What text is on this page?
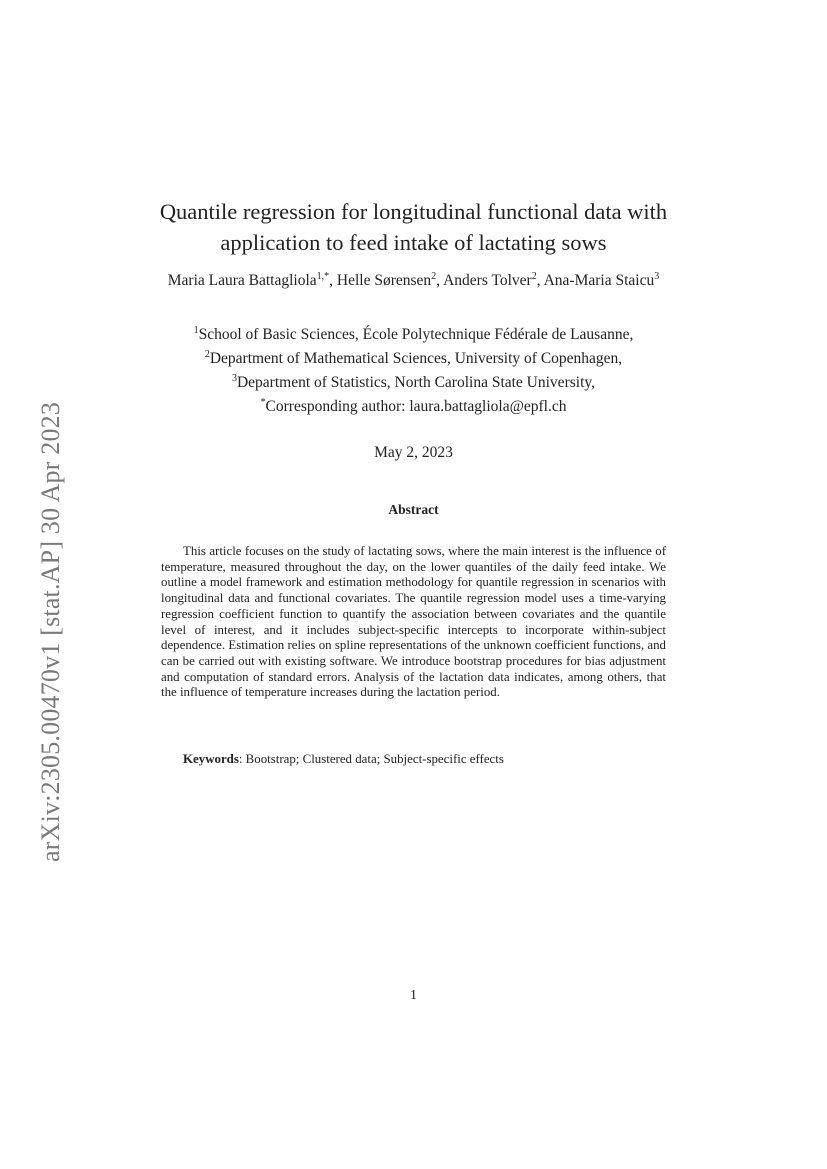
arXiv:2305.00470v1 [stat.AP] 30 Apr 2023
Quantile regression for longitudinal functional data with
application to feed intake of lactating sows
Maria Laura Battagliola$^{1,*}$, Helle Sørensen$^2$, Anders Tolver$^2$, Ana-Maria Staicu$^3$
$^1$School of Basic Sciences, École Polytechnique Fédérale de Lausanne,
$^2$Department of Mathematical Sciences, University of Copenhagen,
$^3$Department of Statistics, North Carolina State University,
*Corresponding author: laura.battagliola@epfl.ch
May 2, 2023
Abstract
This article focuses on the study of lactating sows, where the main interest is the influence of temperature, measured throughout the day, on the lower quantiles of the daily feed intake. We outline a model framework and estimation methodology for quantile regression in scenarios with longitudinal data and functional covariates. The quantile regression model uses a time-varying regression coefficient function to quantify the association between covariates and the quantile level of interest, and it includes subject-specific intercepts to incorporate within-subject dependence. Estimation relies on spline representations of the unknown coefficient functions, and can be carried out with existing software. We introduce bootstrap procedures for bias adjustment and computation of standard errors. Analysis of the lactation data indicates, among others, that the influence of temperature increases during the lactation period.
Keywords: Bootstrap; Clustered data; Subject-specific effects
1
